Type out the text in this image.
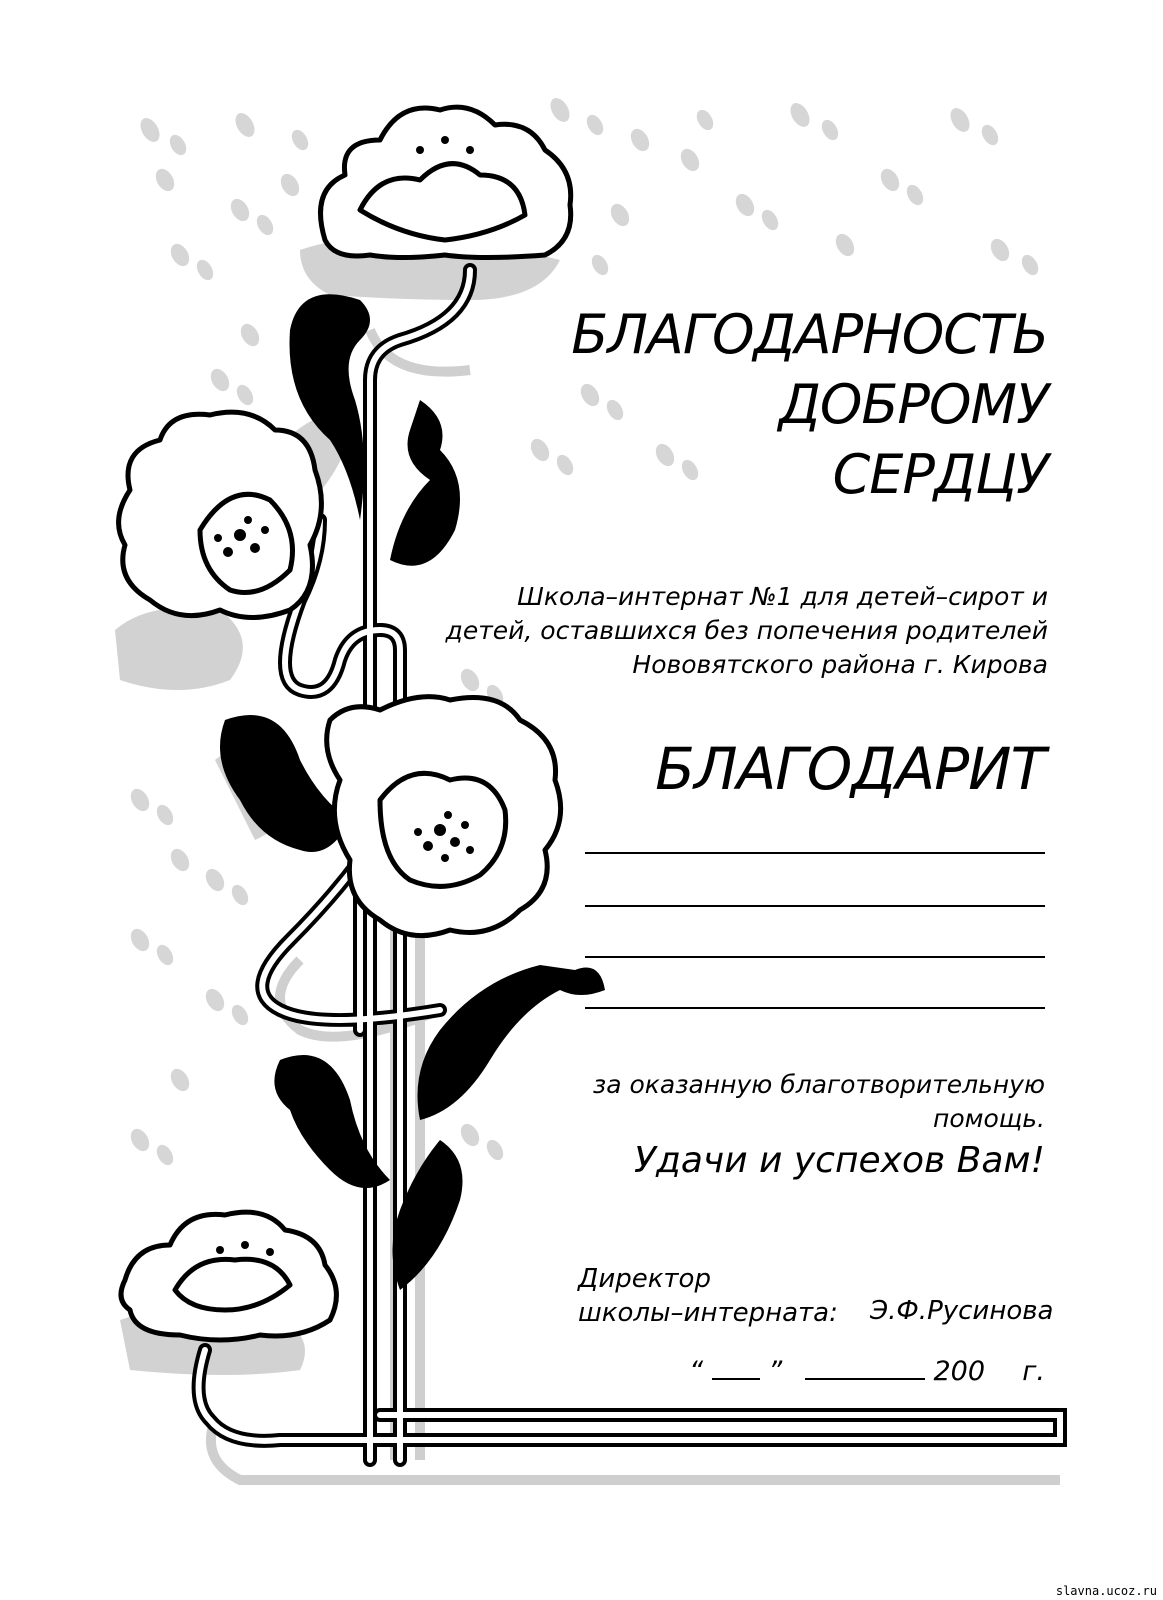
БЛАГОДАРНОСТЬ
ДОБРОМУ
СЕРДЦУ
Школа–интернат №1 для детей–сирот и
детей, оставшихся без попечения родителей
Нововятского района г. Кирова
БЛАГОДАРИТ
за оказанную благотворительную
помощь.
Удачи и успехов Вам!
Директор
школы–интерната: Э.Ф.Русинова
“ ”	200 г.
slavna.ucoz.ru
